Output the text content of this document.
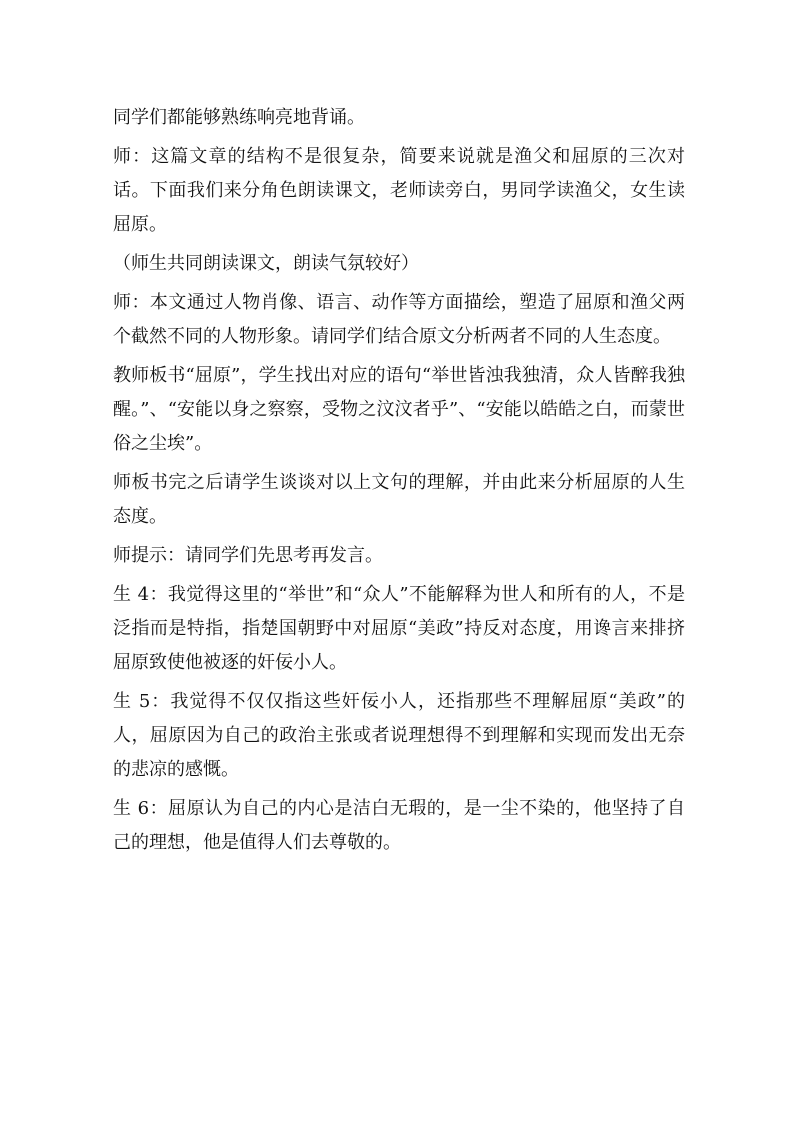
同学们都能够熟练响亮地背诵。

师：这篇文章的结构不是很复杂，简要来说就是渔父和屈原的三次对话。下面我们来分角色朗读课文，老师读旁白，男同学读渔父，女生读屈原。

（师生共同朗读课文，朗读气氛较好）

师：本文通过人物肖像、语言、动作等方面描绘，塑造了屈原和渔父两个截然不同的人物形象。请同学们结合原文分析两者不同的人生态度。

教师板书“屈原”，学生找出对应的语句“举世皆浊我独清，众人皆醉我独醒。”、“安能以身之察察，受物之汶汶者乎”、“安能以皓皓之白，而蒙世俗之尘埃”。

师板书完之后请学生谈谈对以上文句的理解，并由此来分析屈原的人生态度。

师提示：请同学们先思考再发言。

生 4：我觉得这里的“举世”和“众人”不能解释为世人和所有的人，不是泛指而是特指，指楚国朝野中对屈原“美政”持反对态度，用谗言来排挤屈原致使他被逐的奸佞小人。

生 5：我觉得不仅仅指这些奸佞小人，还指那些不理解屈原“美政”的人，屈原因为自己的政治主张或者说理想得不到理解和实现而发出无奈的悲凉的感慨。

生 6：屈原认为自己的内心是洁白无瑕的，是一尘不染的，他坚持了自己的理想，他是值得人们去尊敬的。
